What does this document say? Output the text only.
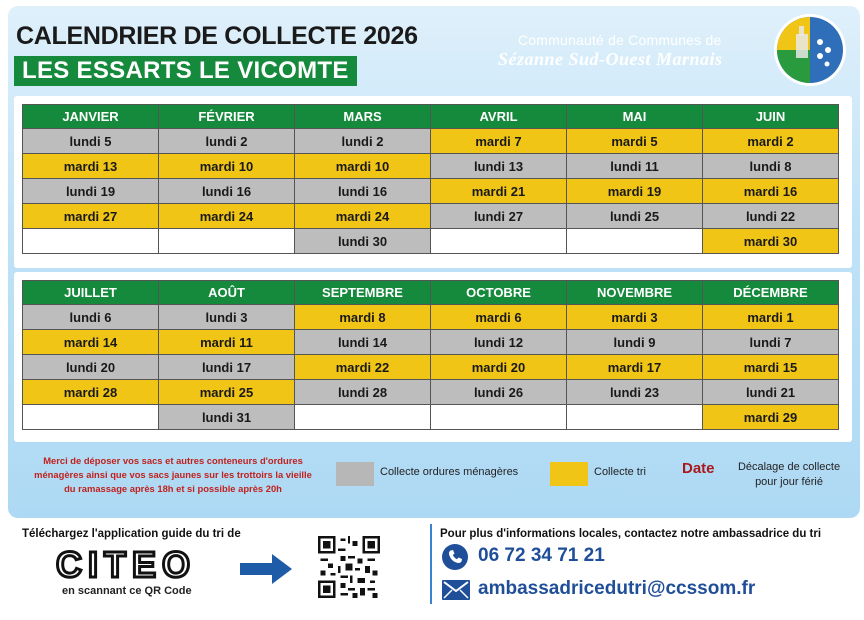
CALENDRIER DE COLLECTE 2026
LES ESSARTS LE VICOMTE
Communauté de Communes de
Sézanne Sud-Ouest Marnais
JANVIER	FÉVRIER	MARS	AVRIL	MAI	JUIN
lundi 5	lundi 2	lundi 2	mardi 7	mardi 5	mardi 2
mardi 13	mardi 10	mardi 10	lundi 13	lundi 11	lundi 8
lundi 19	lundi 16	lundi 16	mardi 21	mardi 19	mardi 16
mardi 27	mardi 24	mardi 24	lundi 27	lundi 25	lundi 22
		lundi 30			mardi 30
JUILLET	AOÛT	SEPTEMBRE	OCTOBRE	NOVEMBRE	DÉCEMBRE
lundi 6	lundi 3	mardi 8	mardi 6	mardi 3	mardi 1
mardi 14	mardi 11	lundi 14	lundi 12	lundi 9	lundi 7
lundi 20	lundi 17	mardi 22	mardi 20	mardi 17	mardi 15
mardi 28	mardi 25	lundi 28	lundi 26	lundi 23	lundi 21
	lundi 31				mardi 29
Merci de déposer vos sacs et autres conteneurs d'ordures ménagères ainsi que vos sacs jaunes sur les trottoirs la vieille du ramassage après 18h et si possible après 20h
Collecte ordures ménagères	Collecte tri Date	Décalage de collecte
pour jour férié
Téléchargez l'application guide du tri de
CITEO
en scannant ce QR Code
Pour plus d'informations locales, contactez notre ambassadrice du tri
06 72 34 71 21
ambassadricedutri@ccssom.fr
